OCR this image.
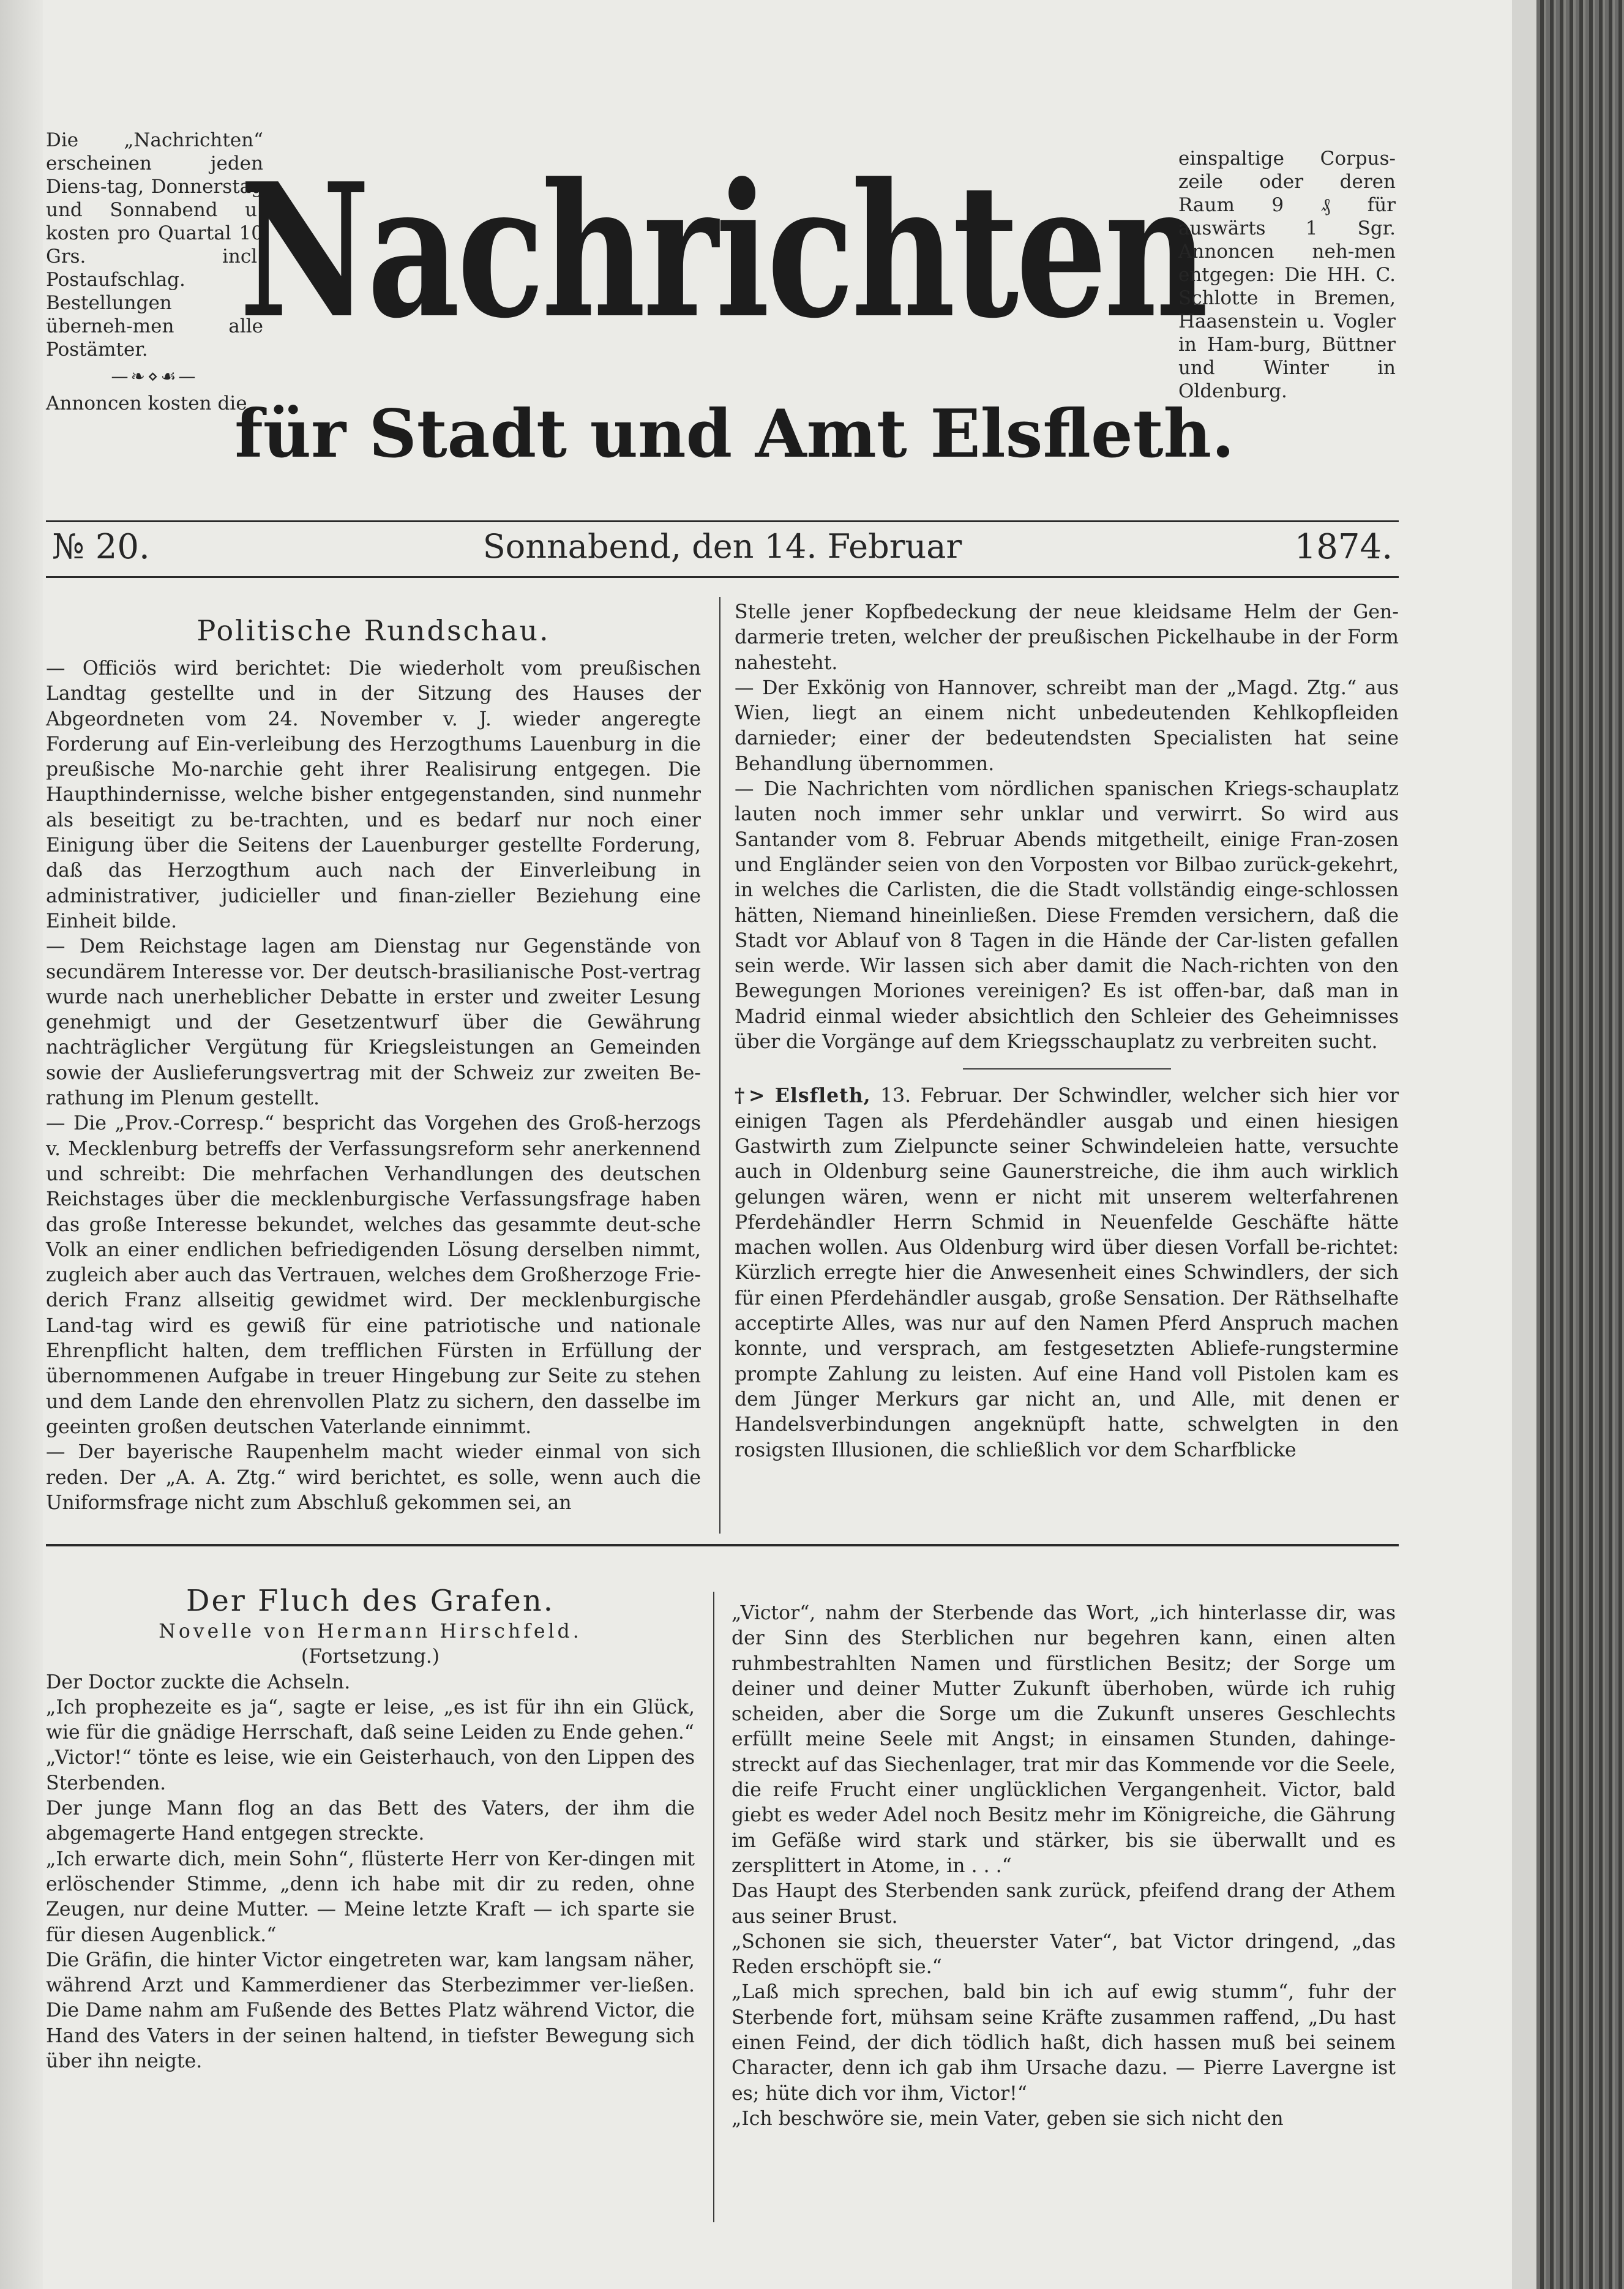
Die „Nachrichten“ erscheinen jeden Diens-tag, Donnerstag und Sonnabend u. kosten pro Quartal 10 Grs. incl. Postaufschlag. Bestellungen überneh-men alle Postämter.

—❧⋄☙—

Annoncen kosten die

Nachrichten

einspaltige Corpus-zeile oder deren Raum 9 ₰ für auswärts 1 Sgr. Annoncen neh-men entgegen: Die HH. C. Schlotte in Bremen, Haasenstein u. Vogler in Ham-burg, Büttner und Winter in Oldenburg.

für Stadt und Amt Elsfleth.
№ 20.	Sonnabend, den 14. Februar	1874.

Politische Rundschau.

— Officiös wird berichtet: Die wiederholt vom preußischen Landtag gestellte und in der Sitzung des Hauses der Abgeordneten vom 24. November v. J. wieder angeregte Forderung auf Ein-verleibung des Herzogthums Lauenburg in die preußische Mo-narchie geht ihrer Realisirung entgegen. Die Haupthindernisse, welche bisher entgegenstanden, sind nunmehr als beseitigt zu be-trachten, und es bedarf nur noch einer Einigung über die Seitens der Lauenburger gestellte Forderung, daß das Herzogthum auch nach der Einverleibung in administrativer, judicieller und finan-zieller Beziehung eine Einheit bilde.

— Dem Reichstage lagen am Dienstag nur Gegenstände von secundärem Interesse vor. Der deutsch-brasilianische Post-vertrag wurde nach unerheblicher Debatte in erster und zweiter Lesung genehmigt und der Gesetzentwurf über die Gewährung nachträglicher Vergütung für Kriegsleistungen an Gemeinden sowie der Auslieferungsvertrag mit der Schweiz zur zweiten Be-rathung im Plenum gestellt.

— Die „Prov.-Corresp.“ bespricht das Vorgehen des Groß-herzogs v. Mecklenburg betreffs der Verfassungsreform sehr anerkennend und schreibt: Die mehrfachen Verhandlungen des deutschen Reichstages über die mecklenburgische Verfassungsfrage haben das große Interesse bekundet, welches das gesammte deut-sche Volk an einer endlichen befriedigenden Lösung derselben nimmt, zugleich aber auch das Vertrauen, welches dem Großherzoge Frie-derich Franz allseitig gewidmet wird. Der mecklenburgische Land-tag wird es gewiß für eine patriotische und nationale Ehrenpflicht halten, dem trefflichen Fürsten in Erfüllung der übernommenen Aufgabe in treuer Hingebung zur Seite zu stehen und dem Lande den ehrenvollen Platz zu sichern, den dasselbe im geeinten großen deutschen Vaterlande einnimmt.

— Der bayerische Raupenhelm macht wieder einmal von sich reden. Der „A. A. Ztg.“ wird berichtet, es solle, wenn auch die Uniformsfrage nicht zum Abschluß gekommen sei, an

Stelle jener Kopfbedeckung der neue kleidsame Helm der Gen-darmerie treten, welcher der preußischen Pickelhaube in der Form nahesteht.

— Der Exkönig von Hannover, schreibt man der „Magd. Ztg.“ aus Wien, liegt an einem nicht unbedeutenden Kehlkopfleiden darnieder; einer der bedeutendsten Specialisten hat seine Behandlung übernommen.

— Die Nachrichten vom nördlichen spanischen Kriegs-schauplatz lauten noch immer sehr unklar und verwirrt. So wird aus Santander vom 8. Februar Abends mitgetheilt, einige Fran-zosen und Engländer seien von den Vorposten vor Bilbao zurück-gekehrt, in welches die Carlisten, die die Stadt vollständig einge-schlossen hätten, Niemand hineinließen. Diese Fremden versichern, daß die Stadt vor Ablauf von 8 Tagen in die Hände der Car-listen gefallen sein werde. Wir lassen sich aber damit die Nach-richten von den Bewegungen Moriones vereinigen? Es ist offen-bar, daß man in Madrid einmal wieder absichtlich den Schleier des Geheimnisses über die Vorgänge auf dem Kriegsschauplatz zu verbreiten sucht.

†> Elsfleth, 13. Februar. Der Schwindler, welcher sich hier vor einigen Tagen als Pferdehändler ausgab und einen hiesigen Gastwirth zum Zielpuncte seiner Schwindeleien hatte, versuchte auch in Oldenburg seine Gaunerstreiche, die ihm auch wirklich gelungen wären, wenn er nicht mit unserem welterfahrenen Pferdehändler Herrn Schmid in Neuenfelde Geschäfte hätte machen wollen. Aus Oldenburg wird über diesen Vorfall be-richtet: Kürzlich erregte hier die Anwesenheit eines Schwindlers, der sich für einen Pferdehändler ausgab, große Sensation. Der Räthselhafte acceptirte Alles, was nur auf den Namen Pferd Anspruch machen konnte, und versprach, am festgesetzten Abliefe-rungstermine prompte Zahlung zu leisten. Auf eine Hand voll Pistolen kam es dem Jünger Merkurs gar nicht an, und Alle, mit denen er Handelsverbindungen angeknüpft hatte, schwelgten in den rosigsten Illusionen, die schließlich vor dem Scharfblicke

Der Fluch des Grafen.

Novelle von Hermann Hirschfeld.

(Fortsetzung.)

Der Doctor zuckte die Achseln.

„Ich prophezeite es ja“, sagte er leise, „es ist für ihn ein Glück, wie für die gnädige Herrschaft, daß seine Leiden zu Ende gehen.“

„Victor!“ tönte es leise, wie ein Geisterhauch, von den Lippen des Sterbenden.

Der junge Mann flog an das Bett des Vaters, der ihm die abgemagerte Hand entgegen streckte.

„Ich erwarte dich, mein Sohn“, flüsterte Herr von Ker-dingen mit erlöschender Stimme, „denn ich habe mit dir zu reden, ohne Zeugen, nur deine Mutter. — Meine letzte Kraft — ich sparte sie für diesen Augenblick.“

Die Gräfin, die hinter Victor eingetreten war, kam langsam näher, während Arzt und Kammerdiener das Sterbezimmer ver-ließen. Die Dame nahm am Fußende des Bettes Platz während Victor, die Hand des Vaters in der seinen haltend, in tiefster Bewegung sich über ihn neigte.

„Victor“, nahm der Sterbende das Wort, „ich hinterlasse dir, was der Sinn des Sterblichen nur begehren kann, einen alten ruhmbestrahlten Namen und fürstlichen Besitz; der Sorge um deiner und deiner Mutter Zukunft überhoben, würde ich ruhig scheiden, aber die Sorge um die Zukunft unseres Geschlechts erfüllt meine Seele mit Angst; in einsamen Stunden, dahinge-streckt auf das Siechenlager, trat mir das Kommende vor die Seele, die reife Frucht einer unglücklichen Vergangenheit. Victor, bald giebt es weder Adel noch Besitz mehr im Königreiche, die Gährung im Gefäße wird stark und stärker, bis sie überwallt und es zersplittert in Atome, in . . .“

Das Haupt des Sterbenden sank zurück, pfeifend drang der Athem aus seiner Brust.

„Schonen sie sich, theuerster Vater“, bat Victor dringend, „das Reden erschöpft sie.“

„Laß mich sprechen, bald bin ich auf ewig stumm“, fuhr der Sterbende fort, mühsam seine Kräfte zusammen raffend, „Du hast einen Feind, der dich tödlich haßt, dich hassen muß bei seinem Character, denn ich gab ihm Ursache dazu. — Pierre Lavergne ist es; hüte dich vor ihm, Victor!“

„Ich beschwöre sie, mein Vater, geben sie sich nicht den
